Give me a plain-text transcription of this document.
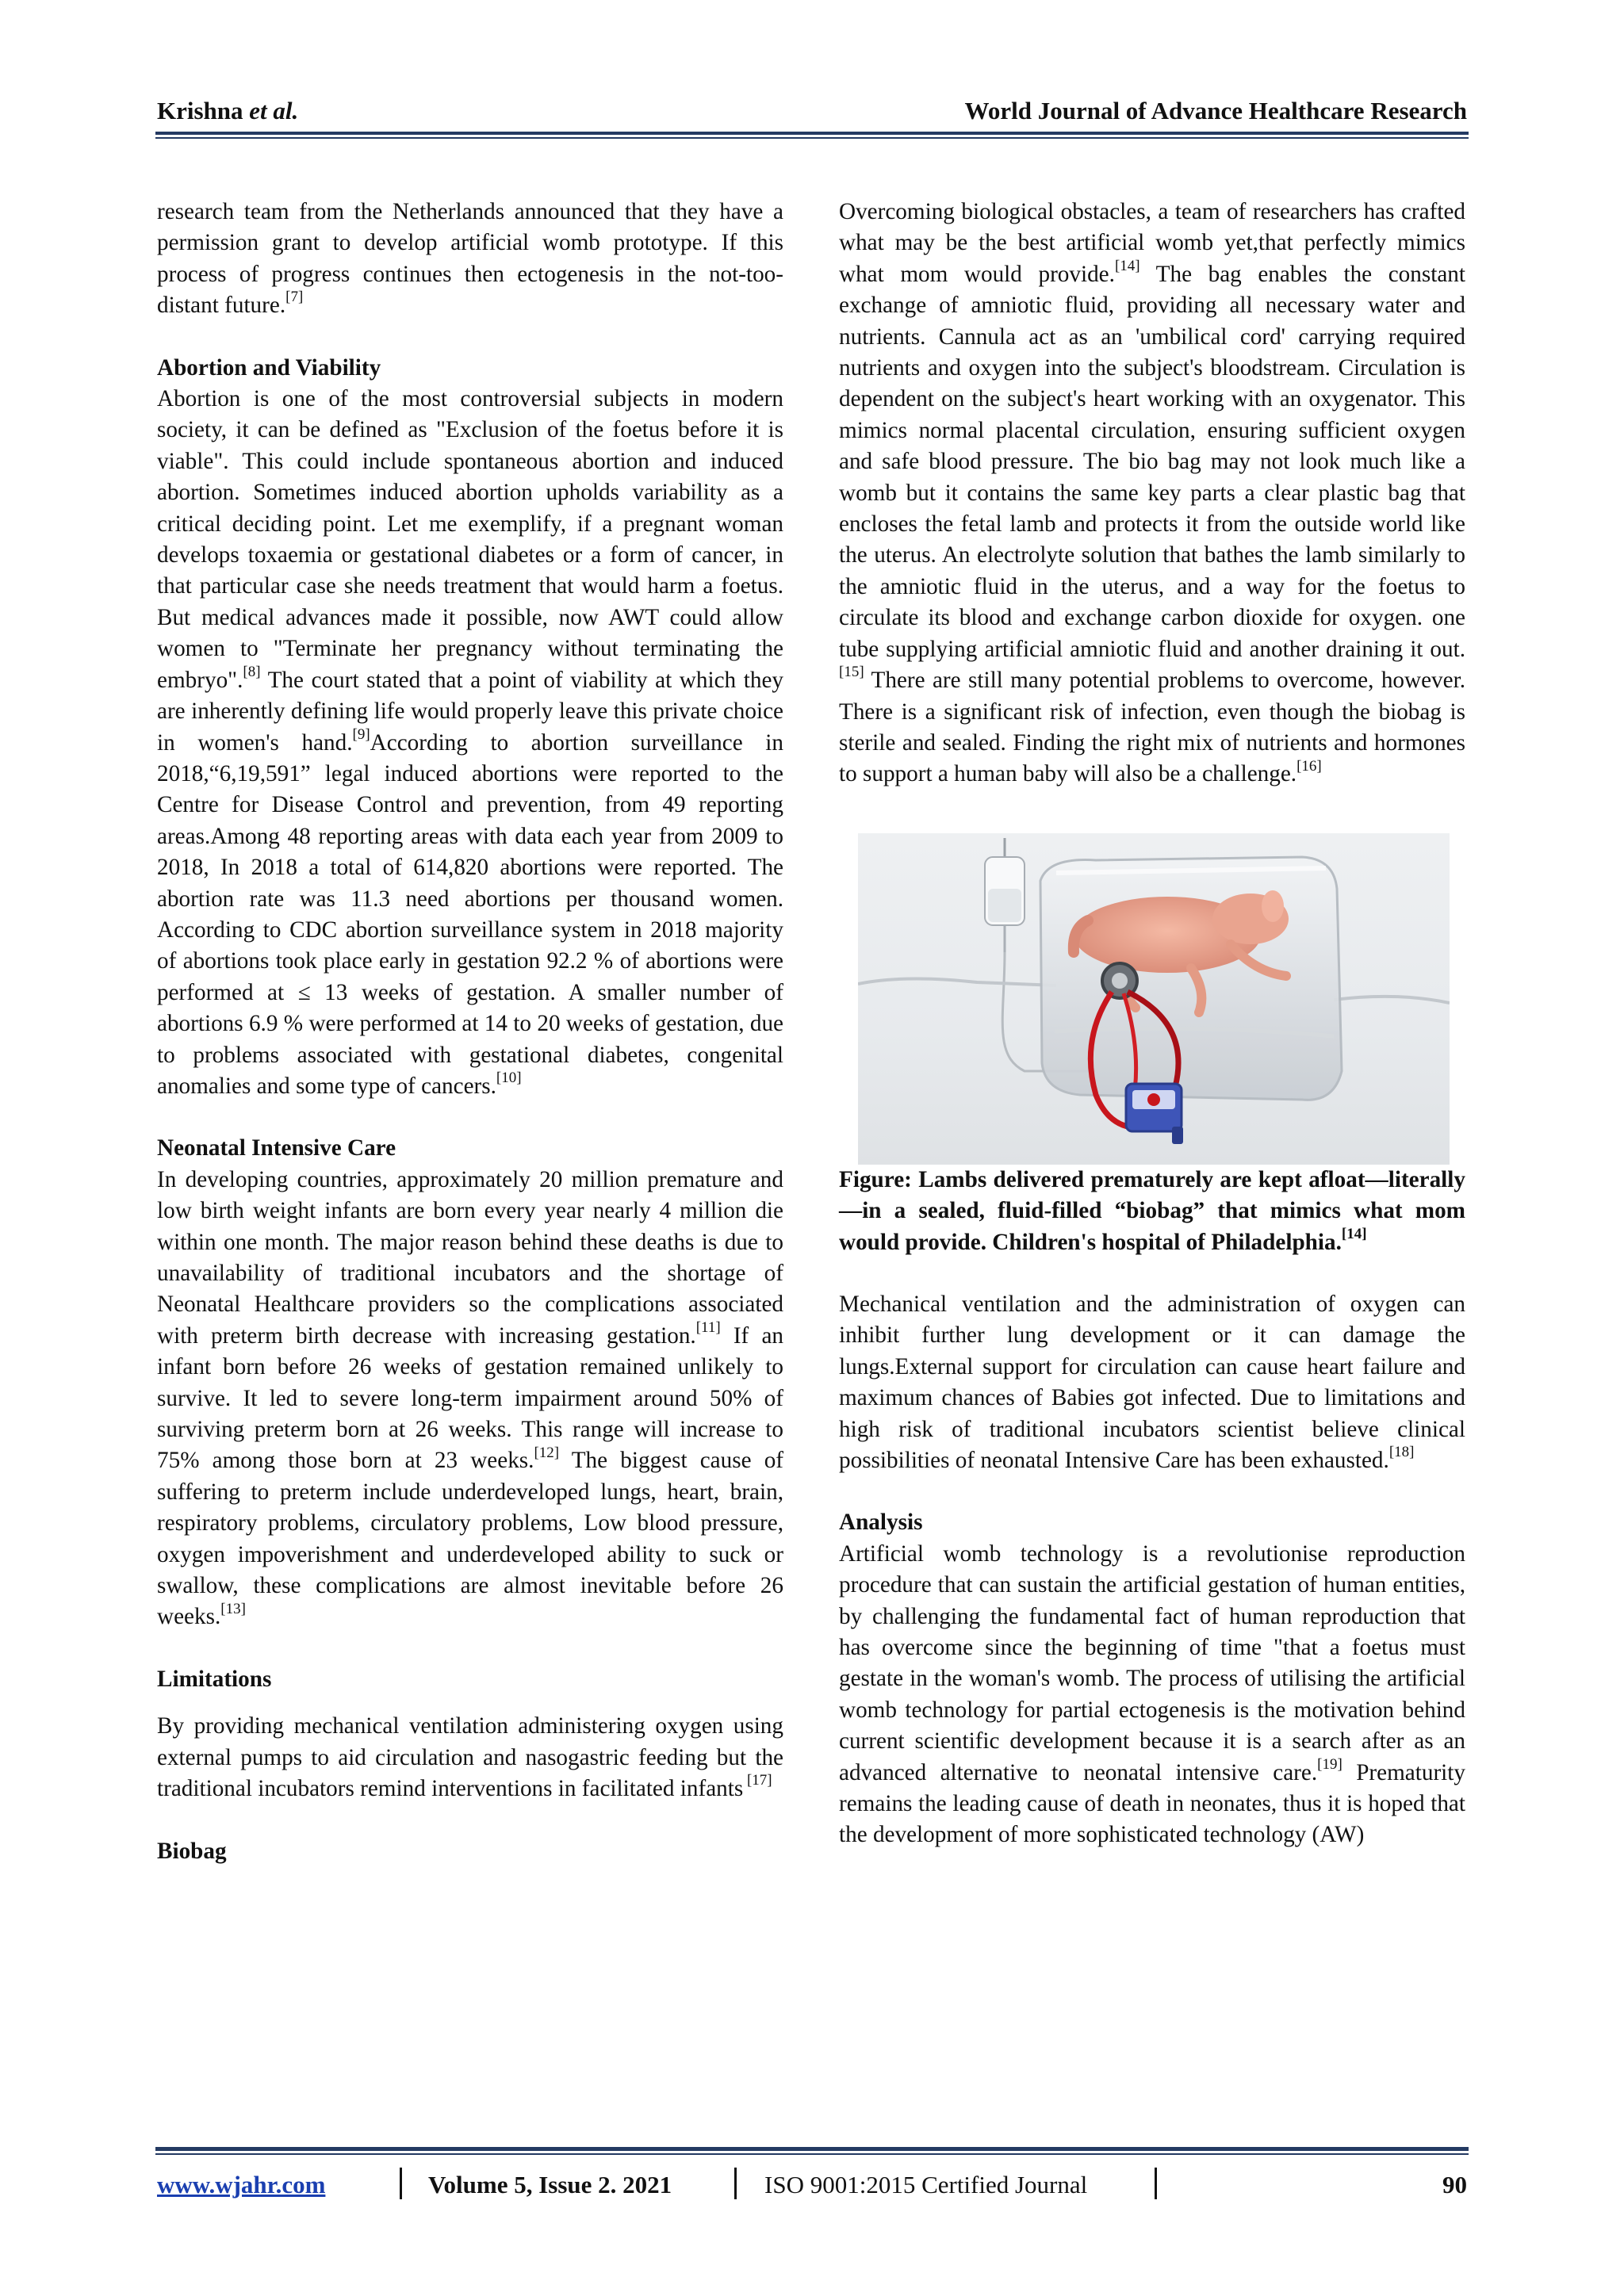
Krishna et al.	World Journal of Advance Healthcare Research

research team from the Netherlands announced that they have a permission grant to develop artificial womb prototype. If this process of progress continues then ectogenesis in the not-too-distant future.[7]

Abortion and Viability

Abortion is one of the most controversial subjects in modern society, it can be defined as "Exclusion of the foetus before it is viable". This could include spontaneous abortion and induced abortion. Sometimes induced abortion upholds variability as a critical deciding point. Let me exemplify, if a pregnant woman develops toxaemia or gestational diabetes or a form of cancer, in that particular case she needs treatment that would harm a foetus. But medical advances made it possible, now AWT could allow women to "Terminate her pregnancy without terminating the embryo".[8] The court stated that a point of viability at which they are inherently defining life would properly leave this private choice in women's hand.[9]According to abortion surveillance in 2018,“6,19,591” legal induced abortions were reported to the Centre for Disease Control and prevention, from 49 reporting areas.Among 48 reporting areas with data each year from 2009 to 2018, In 2018 a total of 614,820 abortions were reported. The abortion rate was 11.3 need abortions per thousand women. According to CDC abortion surveillance system in 2018 majority of abortions took place early in gestation 92.2 % of abortions were performed at ≤ 13 weeks of gestation. A smaller number of abortions 6.9 % were performed at 14 to 20 weeks of gestation, due to problems associated with gestational diabetes, congenital anomalies and some type of cancers.[10]

Neonatal Intensive Care

In developing countries, approximately 20 million premature and low birth weight infants are born every year nearly 4 million die within one month. The major reason behind these deaths is due to unavailability of traditional incubators and the shortage of Neonatal Healthcare providers so the complications associated with preterm birth decrease with increasing gestation.[11] If an infant born before 26 weeks of gestation remained unlikely to survive. It led to severe long-term impairment around 50% of surviving preterm born at 26 weeks. This range will increase to 75% among those born at 23 weeks.[12] The biggest cause of suffering to preterm include underdeveloped lungs, heart, brain, respiratory problems, circulatory problems, Low blood pressure, oxygen impoverishment and underdeveloped ability to suck or swallow, these complications are almost inevitable before 26 weeks.[13]

Limitations

By providing mechanical ventilation administering oxygen using external pumps to aid circulation and nasogastric feeding but the traditional incubators remind interventions in facilitated infants [17]

Biobag

Overcoming biological obstacles, a team of researchers has crafted what may be the best artificial womb yet,that perfectly mimics what mom would provide.[14] The bag enables the constant exchange of amniotic fluid, providing all necessary water and nutrients. Cannula act as an 'umbilical cord' carrying required nutrients and oxygen into the subject's bloodstream. Circulation is dependent on the subject's heart working with an oxygenator. This mimics normal placental circulation, ensuring sufficient oxygen and safe blood pressure. The bio bag may not look much like a womb but it contains the same key parts a clear plastic bag that encloses the fetal lamb and protects it from the outside world like the uterus. An electrolyte solution that bathes the lamb similarly to the amniotic fluid in the uterus, and a way for the foetus to circulate its blood and exchange carbon dioxide for oxygen. one tube supplying artificial amniotic fluid and another draining it out.[15] There are still many potential problems to overcome, however. There is a significant risk of infection, even though the biobag is sterile and sealed. Finding the right mix of nutrients and hormones to support a human baby will also be a challenge.[16]

Figure: Lambs delivered prematurely are kept afloat—literally—in a sealed, fluid-filled “biobag” that mimics what mom would provide. Children's hospital of Philadelphia.[14]

Mechanical ventilation and the administration of oxygen can inhibit further lung development or it can damage the lungs.External support for circulation can cause heart failure and maximum chances of Babies got infected. Due to limitations and high risk of traditional incubators scientist believe clinical possibilities of neonatal Intensive Care has been exhausted.[18]

Analysis

Artificial womb technology is a revolutionise reproduction procedure that can sustain the artificial gestation of human entities, by challenging the fundamental fact of human reproduction that has overcome since the beginning of time "that a foetus must gestate in the woman's womb. The process of utilising the artificial womb technology for partial ectogenesis is the motivation behind current scientific development because it is a search after as an advanced alternative to neonatal intensive care.[19] Prematurity remains the leading cause of death in neonates, thus it is hoped that the development of more sophisticated technology (AW)

www.wjahr.com	Volume 5, Issue 2. 2021	ISO 9001:2015 Certified Journal	90
